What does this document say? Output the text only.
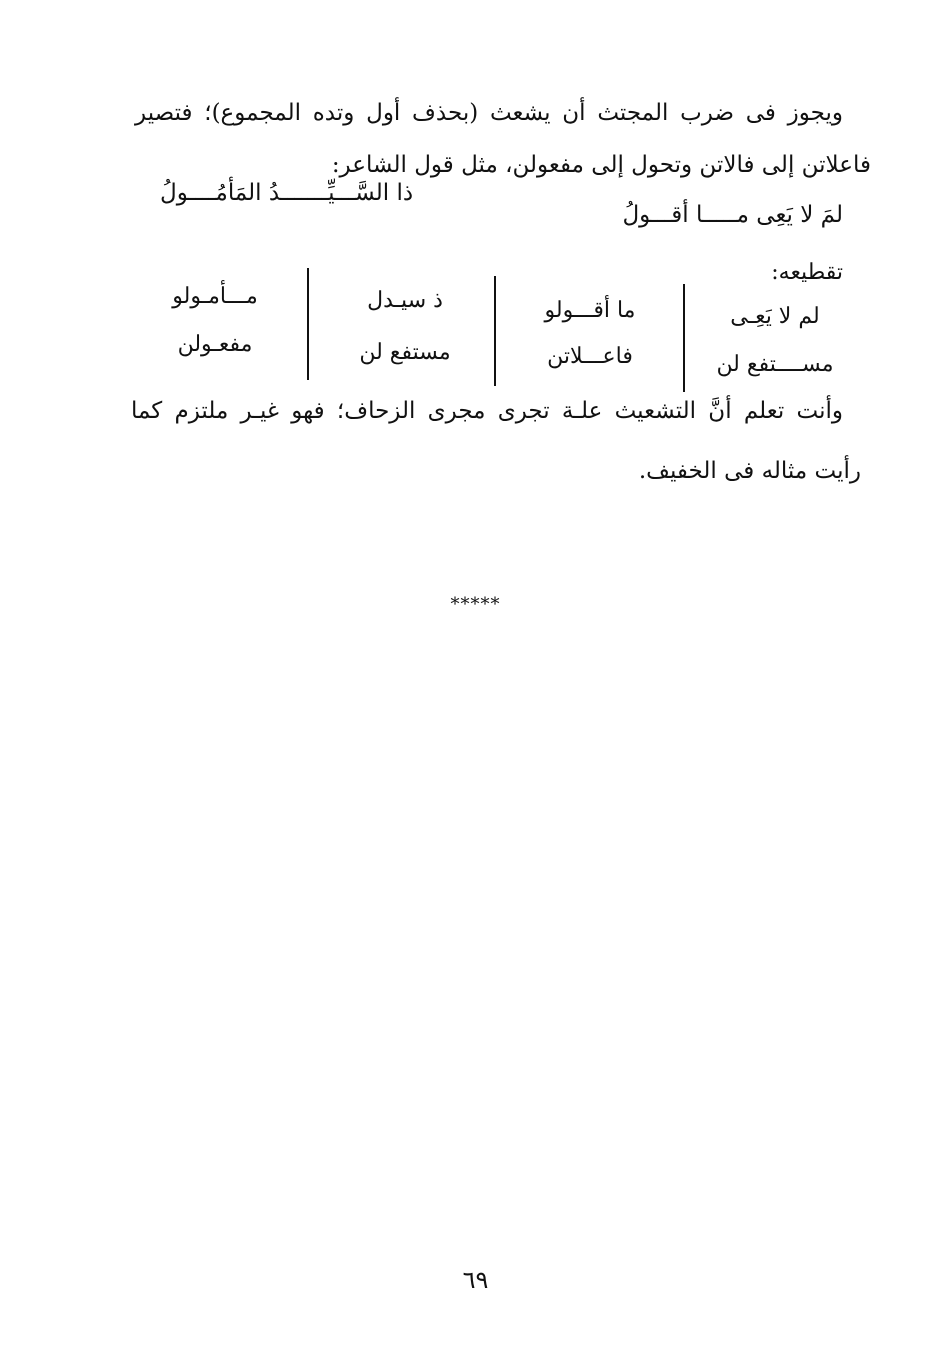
ويجوز فى ضرب المجتث أن يشعث (بحذف أول وتده المجموع)؛ فتصير
فاعلاتن إلى فالاتن وتحول إلى مفعولن، مثل قول الشاعر:
لمَ لا يَعِى مـــــا أقـــولُ
ذا السَّـــيِّـــــــدُ المَأمُــــولُ
تقطيعه:
لم لا يَعِـى
ما أقـــولو
ذ سيـدل
مـــأمـولو
مســــتفع لن
فاعـــلاتن
مستفع لن
مفعـولن
وأنت تعلم أنَّ التشعيث علـة تجرى مجرى الزحاف؛ فهو غيـر ملتزم كما
رأيت مثاله فى الخفيف.
*****
٦٩
